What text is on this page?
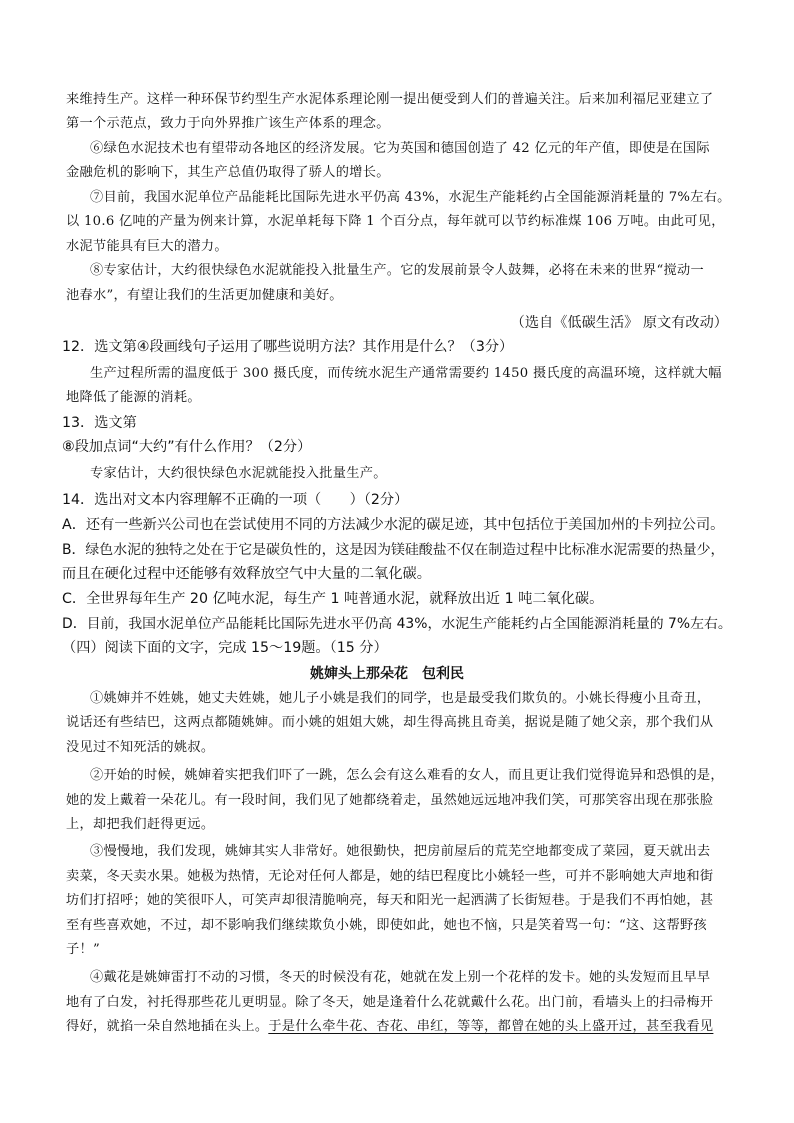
来维持生产。这样一种环保节约型生产水泥体系理论刚一提出便受到人们的普遍关注。后来加利福尼亚建立了
第一个示范点，致力于向外界推广该生产体系的理念。
⑥绿色水泥技术也有望带动各地区的经济发展。它为英国和德国创造了 42 亿元的年产值，即使是在国际
金融危机的影响下，其生产总值仍取得了骄人的增长。
⑦目前，我国水泥单位产品能耗比国际先进水平仍高 43%，水泥生产能耗约占全国能源消耗量的 7%左右。
以 10.6 亿吨的产量为例来计算，水泥单耗每下降 1 个百分点，每年就可以节约标准煤 106 万吨。由此可见，
水泥节能具有巨大的潜力。
⑧专家估计，大约很快绿色水泥就能投入批量生产。它的发展前景令人鼓舞，必将在未来的世界“搅动一
池春水”，有望让我们的生活更加健康和美好。
（选自《低碳生活》 原文有改动）
12．选文第④段画线句子运用了哪些说明方法？其作用是什么？（3分）
生产过程所需的温度低于 300 摄氏度，而传统水泥生产通常需要约 1450 摄氏度的高温环境，这样就大幅
地降低了能源的消耗。
13．选文第
⑧段加点词“大约”有什么作用？（2分）
专家估计，大约很快绿色水泥就能投入批量生产。
14．选出对文本内容理解不正确的一项（　　）（2分）
A．还有一些新兴公司也在尝试使用不同的方法减少水泥的碳足迹，其中包括位于美国加州的卡列拉公司。
B．绿色水泥的独特之处在于它是碳负性的，这是因为镁硅酸盐不仅在制造过程中比标准水泥需要的热量少，
而且在硬化过程中还能够有效释放空气中大量的二氧化碳。
C．全世界每年生产 20 亿吨水泥，每生产 1 吨普通水泥，就释放出近 1 吨二氧化碳。
D．目前，我国水泥单位产品能耗比国际先进水平仍高 43%，水泥生产能耗约占全国能源消耗量的 7%左右。
（四）阅读下面的文字，完成 15～19题。（15 分）
姚婶头上那朵花　包利民
①姚婶并不姓姚，她丈夫姓姚，她儿子小姚是我们的同学，也是最受我们欺负的。小姚长得瘦小且奇丑，
说话还有些结巴，这两点都随姚婶。而小姚的姐姐大姚，却生得高挑且奇美，据说是随了她父亲，那个我们从
没见过不知死活的姚叔。
②开始的时候，姚婶着实把我们吓了一跳，怎么会有这么难看的女人，而且更让我们觉得诡异和恐惧的是，
她的发上戴着一朵花儿。有一段时间，我们见了她都绕着走，虽然她远远地冲我们笑，可那笑容出现在那张脸
上，却把我们赶得更远。
③慢慢地，我们发现，姚婶其实人非常好。她很勤快，把房前屋后的荒芜空地都变成了菜园，夏天就出去
卖菜，冬天卖水果。她极为热情，无论对任何人都是，她的结巴程度比小姚轻一些，可并不影响她大声地和街
坊们打招呼；她的笑很吓人，可笑声却很清脆响亮，每天和阳光一起洒满了长街短巷。于是我们不再怕她，甚
至有些喜欢她，不过，却不影响我们继续欺负小姚，即使如此，她也不恼，只是笑着骂一句：“这、这帮野孩
子！”
④戴花是姚婶雷打不动的习惯，冬天的时候没有花，她就在发上别一个花样的发卡。她的头发短而且早早
地有了白发，衬托得那些花儿更明显。除了冬天，她是逢着什么花就戴什么花。出门前，看墙头上的扫帚梅开
得好，就掐一朵自然地插在头上。于是什么牵牛花、杏花、串红，等等，都曾在她的头上盛开过，甚至我看见
